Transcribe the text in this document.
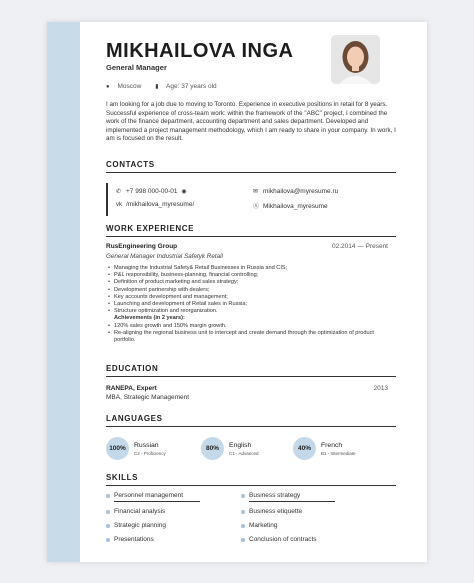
MIKHAILOVA INGA
General Manager
● Moscow ▮ Age: 37 years old
I am looking for a job due to moving to Toronto. Experience in executive positions in retail for 8 years. Successful experience of cross-team work: within the framework of the "ABC" project, I combined the work of the finance department, accounting department and sales department. Developed and implemented a project management methodology, which I am ready to share in your company. In work, I am is focused on the result.
CONTACTS
✆ +7 998 000-00-01 ◉
vk /mikhailova_myresume/
✉ mikhailova@myresume.ru
Ⓢ Mikhailova_myresume
WORK EXPERIENCE
RusEngineering Group	02.2014 — Present
General Manager Industrial Safetyk Retail
• Managing the Industrial Safety& Retail Businesses in Russia and CIS;
• P&L responsibility, business-planning, financial controlling;
• Definition of product marketing and sales strategy;
• Development partnership with dealers;
• Key accounts development and management;
• Launching and development of Retail sales in Russia;
• Structure optimization and reorganization.
Achievements (in 2 years):
• 120% sales growth and 150% margin growth.
• Re-aligning the regional business unit to intercept and create demand through the optimization of product portfolio.
EDUCATION
RANEPA, Expert	2013
MBA, Strategic Management
LANGUAGES
100%	Russian
C2 - Proficiency
80%	English
C1 - Advanced
40%	French
B1 - Intermediate
SKILLS
Personnel management
Financial analysis
Strategic planning
Presentations
Business strategy
Business etiquette
Marketing
Conclusion of contracts
